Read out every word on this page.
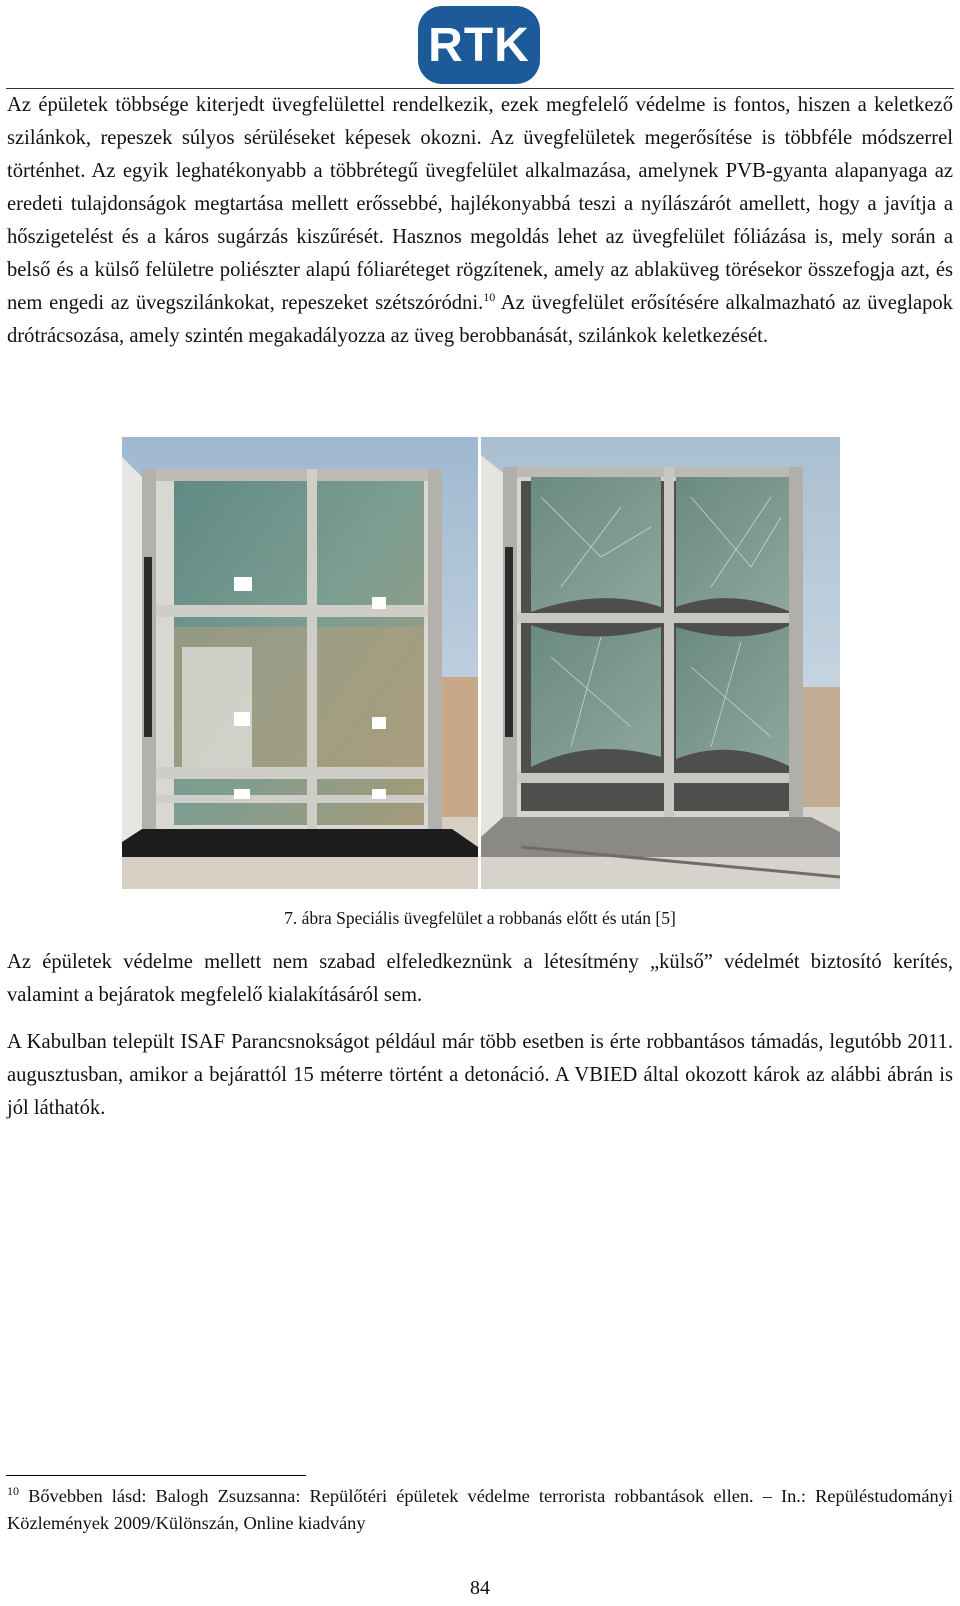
RTK

Az épületek többsége kiterjedt üvegfelülettel rendelkezik, ezek megfelelő védelme is fontos, hiszen a keletkező szilánkok, repeszek súlyos sérüléseket képesek okozni. Az üvegfelületek megerősítése is többféle módszerrel történhet. Az egyik leghatékonyabb a többrétegű üvegfelület alkalmazása, amelynek PVB-gyanta alapanyaga az eredeti tulajdonságok megtartása mellett erőssebbé, hajlékonyabbá teszi a nyílászárót amellett, hogy a javítja a hőszigetelést és a káros sugárzás kiszűrését. Hasznos megoldás lehet az üvegfelület fóliázása is, mely során a belső és a külső felületre poliészter alapú fóliaréteget rögzítenek, amely az ablaküveg törésekor összefogja azt, és nem engedi az üvegszilánkokat, repeszeket szétszóródni.$^{10}$ Az üvegfelület erősítésére alkalmazható az üveglapok drótrácsozása, amely szintén megakadályozza az üveg berobbanását, szilánkok keletkezését.

7. ábra Speciális üvegfelület a robbanás előtt és után [5]

Az épületek védelme mellett nem szabad elfeledkeznünk a létesítmény „külső” védelmét biztosító kerítés, valamint a bejáratok megfelelő kialakításáról sem.

A Kabulban települt ISAF Parancsnokságot például már több esetben is érte robbantásos támadás, legutóbb 2011. augusztusban, amikor a bejárattól 15 méterre történt a detonáció. A VBIED által okozott károk az alábbi ábrán is jól láthatók.

$^{10}$ Bővebben lásd: Balogh Zsuzsanna: Repülőtéri épületek védelme terrorista robbantások ellen. – In.: Repüléstudományi Közlemények 2009/Különszán, Online kiadvány

84
